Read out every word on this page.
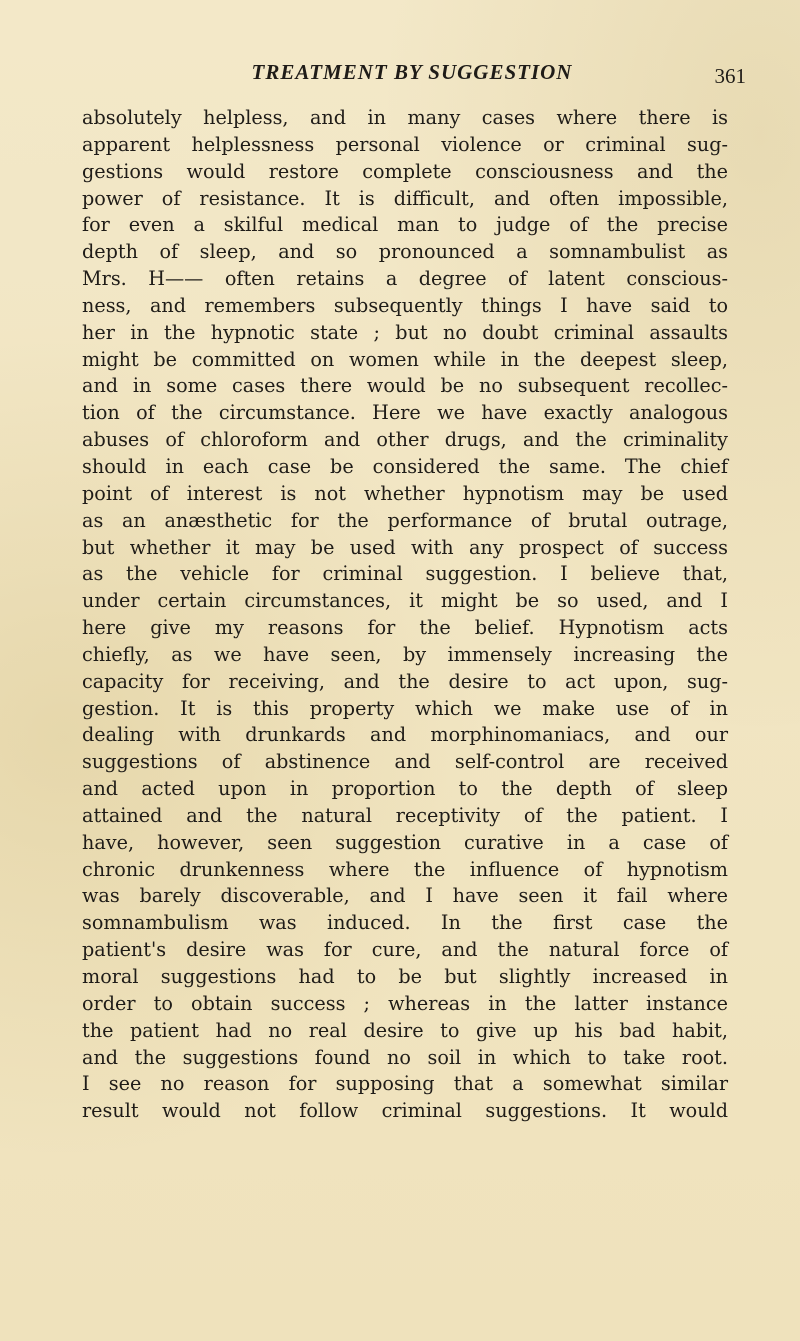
TREATMENT BY SUGGESTION	361
absolutely helpless, and in many cases where there is
apparent helplessness personal violence or criminal sug-
gestions would restore complete consciousness and the
power of resistance. It is difficult, and often impossible,
for even a skilful medical man to judge of the precise
depth of sleep, and so pronounced a somnambulist as
Mrs. H—— often retains a degree of latent conscious-
ness, and remembers subsequently things I have said to
her in the hypnotic state ; but no doubt criminal assaults
might be committed on women while in the deepest sleep,
and in some cases there would be no subsequent recollec-
tion of the circumstance. Here we have exactly analogous
abuses of chloroform and other drugs, and the criminality
should in each case be considered the same. The chief
point of interest is not whether hypnotism may be used
as an anæsthetic for the performance of brutal outrage,
but whether it may be used with any prospect of success
as the vehicle for criminal suggestion. I believe that,
under certain circumstances, it might be so used, and I
here give my reasons for the belief. Hypnotism acts
chiefly, as we have seen, by immensely increasing the
capacity for receiving, and the desire to act upon, sug-
gestion. It is this property which we make use of in
dealing with drunkards and morphinomaniacs, and our
suggestions of abstinence and self-control are received
and acted upon in proportion to the depth of sleep
attained and the natural receptivity of the patient. I
have, however, seen suggestion curative in a case of
chronic drunkenness where the influence of hypnotism
was barely discoverable, and I have seen it fail where
somnambulism was induced. In the first case the
patient's desire was for cure, and the natural force of
moral suggestions had to be but slightly increased in
order to obtain success ; whereas in the latter instance
the patient had no real desire to give up his bad habit,
and the suggestions found no soil in which to take root.
I see no reason for supposing that a somewhat similar
result would not follow criminal suggestions. It would
